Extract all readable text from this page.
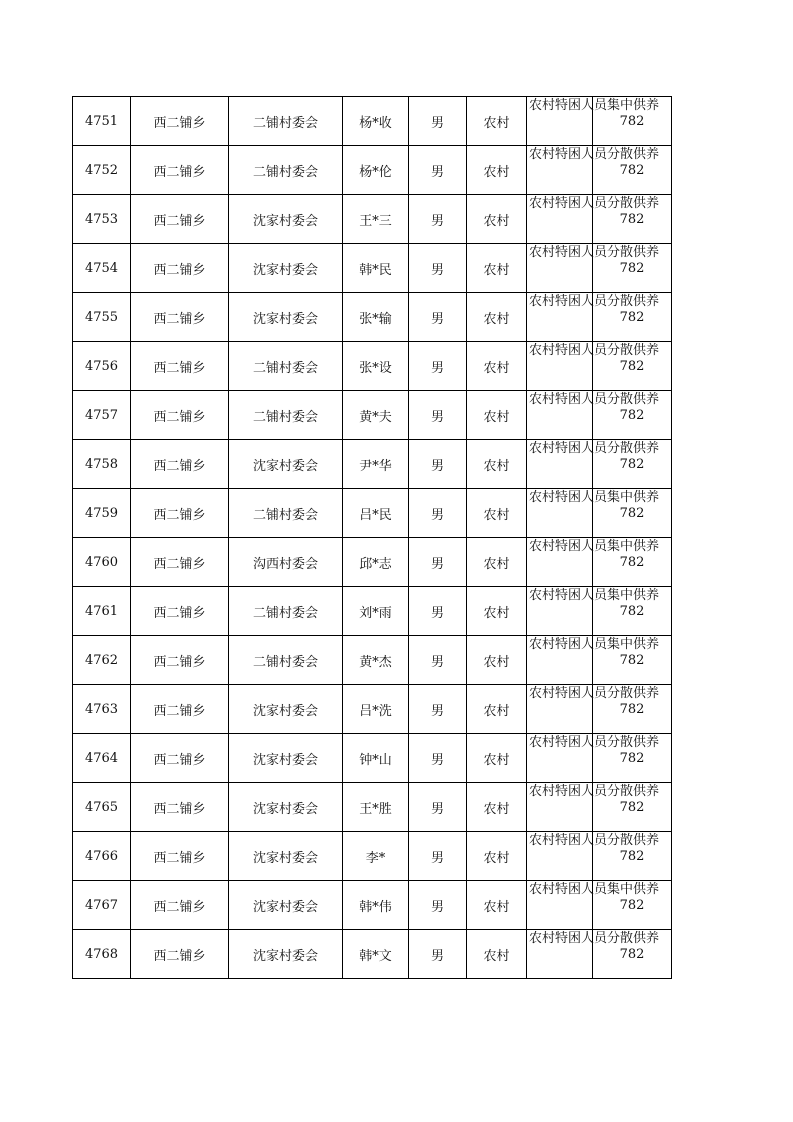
4751	西二铺乡	二铺村委会	杨*收	男	农村	农村特困人员集中供养	782
4752	西二铺乡	二铺村委会	杨*伦	男	农村	农村特困人员分散供养	782
4753	西二铺乡	沈家村委会	王*三	男	农村	农村特困人员分散供养	782
4754	西二铺乡	沈家村委会	韩*民	男	农村	农村特困人员分散供养	782
4755	西二铺乡	沈家村委会	张*输	男	农村	农村特困人员分散供养	782
4756	西二铺乡	二铺村委会	张*设	男	农村	农村特困人员分散供养	782
4757	西二铺乡	二铺村委会	黄*夫	男	农村	农村特困人员分散供养	782
4758	西二铺乡	沈家村委会	尹*华	男	农村	农村特困人员分散供养	782
4759	西二铺乡	二铺村委会	吕*民	男	农村	农村特困人员集中供养	782
4760	西二铺乡	沟西村委会	邱*志	男	农村	农村特困人员集中供养	782
4761	西二铺乡	二铺村委会	刘*雨	男	农村	农村特困人员集中供养	782
4762	西二铺乡	二铺村委会	黄*杰	男	农村	农村特困人员集中供养	782
4763	西二铺乡	沈家村委会	吕*洗	男	农村	农村特困人员分散供养	782
4764	西二铺乡	沈家村委会	钟*山	男	农村	农村特困人员分散供养	782
4765	西二铺乡	沈家村委会	王*胜	男	农村	农村特困人员分散供养	782
4766	西二铺乡	沈家村委会	李*	男	农村	农村特困人员分散供养	782
4767	西二铺乡	沈家村委会	韩*伟	男	农村	农村特困人员集中供养	782
4768	西二铺乡	沈家村委会	韩*文	男	农村	农村特困人员分散供养	782
